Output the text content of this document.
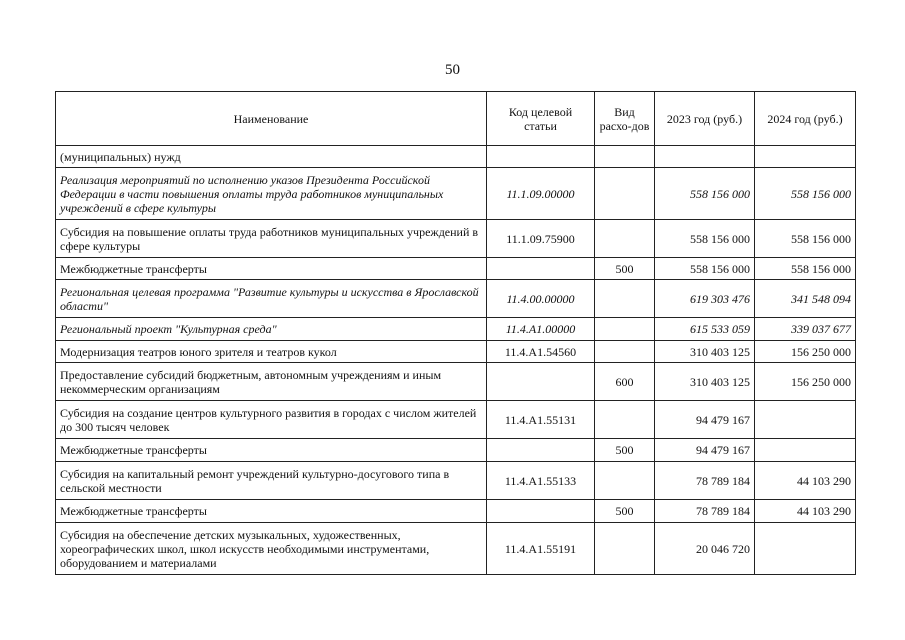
50
Наименование	Код целевой статьи	Вид расхо-дов	2023 год (руб.)	2024 год (руб.)
(муниципальных) нужд				
Реализация мероприятий по исполнению указов Президента Российской Федерации в части повышения оплаты труда работников муниципальных учреждений в сфере культуры	11.1.09.00000		558 156 000	558 156 000
Субсидия на повышение оплаты труда работников муниципальных учреждений в сфере культуры	11.1.09.75900		558 156 000	558 156 000
Межбюджетные трансферты		500	558 156 000	558 156 000
Региональная целевая программа "Развитие культуры и искусства в Ярославской области"	11.4.00.00000		619 303 476	341 548 094
Региональный проект "Культурная среда"	11.4.A1.00000		615 533 059	339 037 677
Модернизация театров юного зрителя и театров кукол	11.4.A1.54560		310 403 125	156 250 000
Предоставление субсидий бюджетным, автономным учреждениям и иным некоммерческим организациям		600	310 403 125	156 250 000
Субсидия на создание центров культурного развития в городах с числом жителей до 300 тысяч человек	11.4.A1.55131		94 479 167	
Межбюджетные трансферты		500	94 479 167	
Субсидия на капитальный ремонт учреждений культурно-досугового типа в сельской местности	11.4.A1.55133		78 789 184	44 103 290
Межбюджетные трансферты		500	78 789 184	44 103 290
Субсидия на обеспечение детских музыкальных, художественных, хореографических школ, школ искусств необходимыми инструментами, оборудованием и материалами	11.4.A1.55191		20 046 720	
